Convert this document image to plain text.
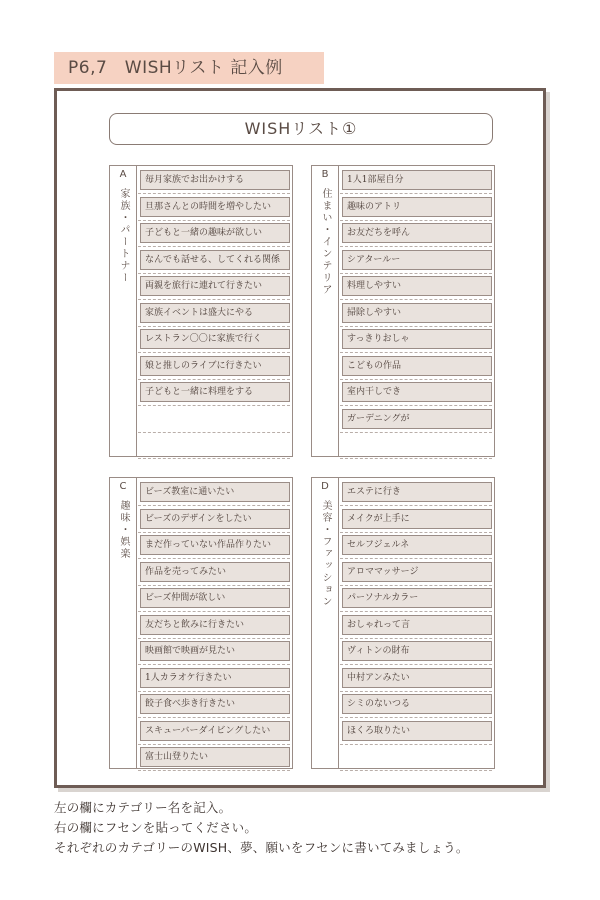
P6,7　WISHリスト 記入例
WISHリスト①
A
家族・パートナー
毎月家族でお出かけする
旦那さんとの時間を増やしたい
子どもと一緒の趣味が欲しい
なんでも話せる、してくれる関係
両親を旅行に連れて行きたい
家族イベントは盛大にやる
レストラン〇〇に家族で行く
娘と推しのライブに行きたい
子どもと一緒に料理をする
B
住まい・インテリア
1人1部屋自分
趣味のアトリ
お友だちを呼ん
シアタールー
料理しやすい
掃除しやすい
すっきりおしゃ
こどもの作品
室内干しでき
ガーデニングが
C
趣味・娯楽
ビーズ教室に通いたい
ビーズのデザインをしたい
まだ作っていない作品作りたい
作品を売ってみたい
ビーズ仲間が欲しい
友だちと飲みに行きたい
映画館で映画が見たい
1人カラオケ行きたい
餃子食べ歩き行きたい
スキューバーダイビングしたい
富士山登りたい
D
美容・ファッション
エステに行き
メイクが上手に
セルフジェルネ
アロママッサージ
パーソナルカラー
おしゃれって言
ヴィトンの財布
中村アンみたい
シミのないつる
ほくろ取りたい
左の欄にカテゴリー名を記入。
右の欄にフセンを貼ってください。
それぞれのカテゴリーのWISH、夢、願いをフセンに書いてみましょう。
